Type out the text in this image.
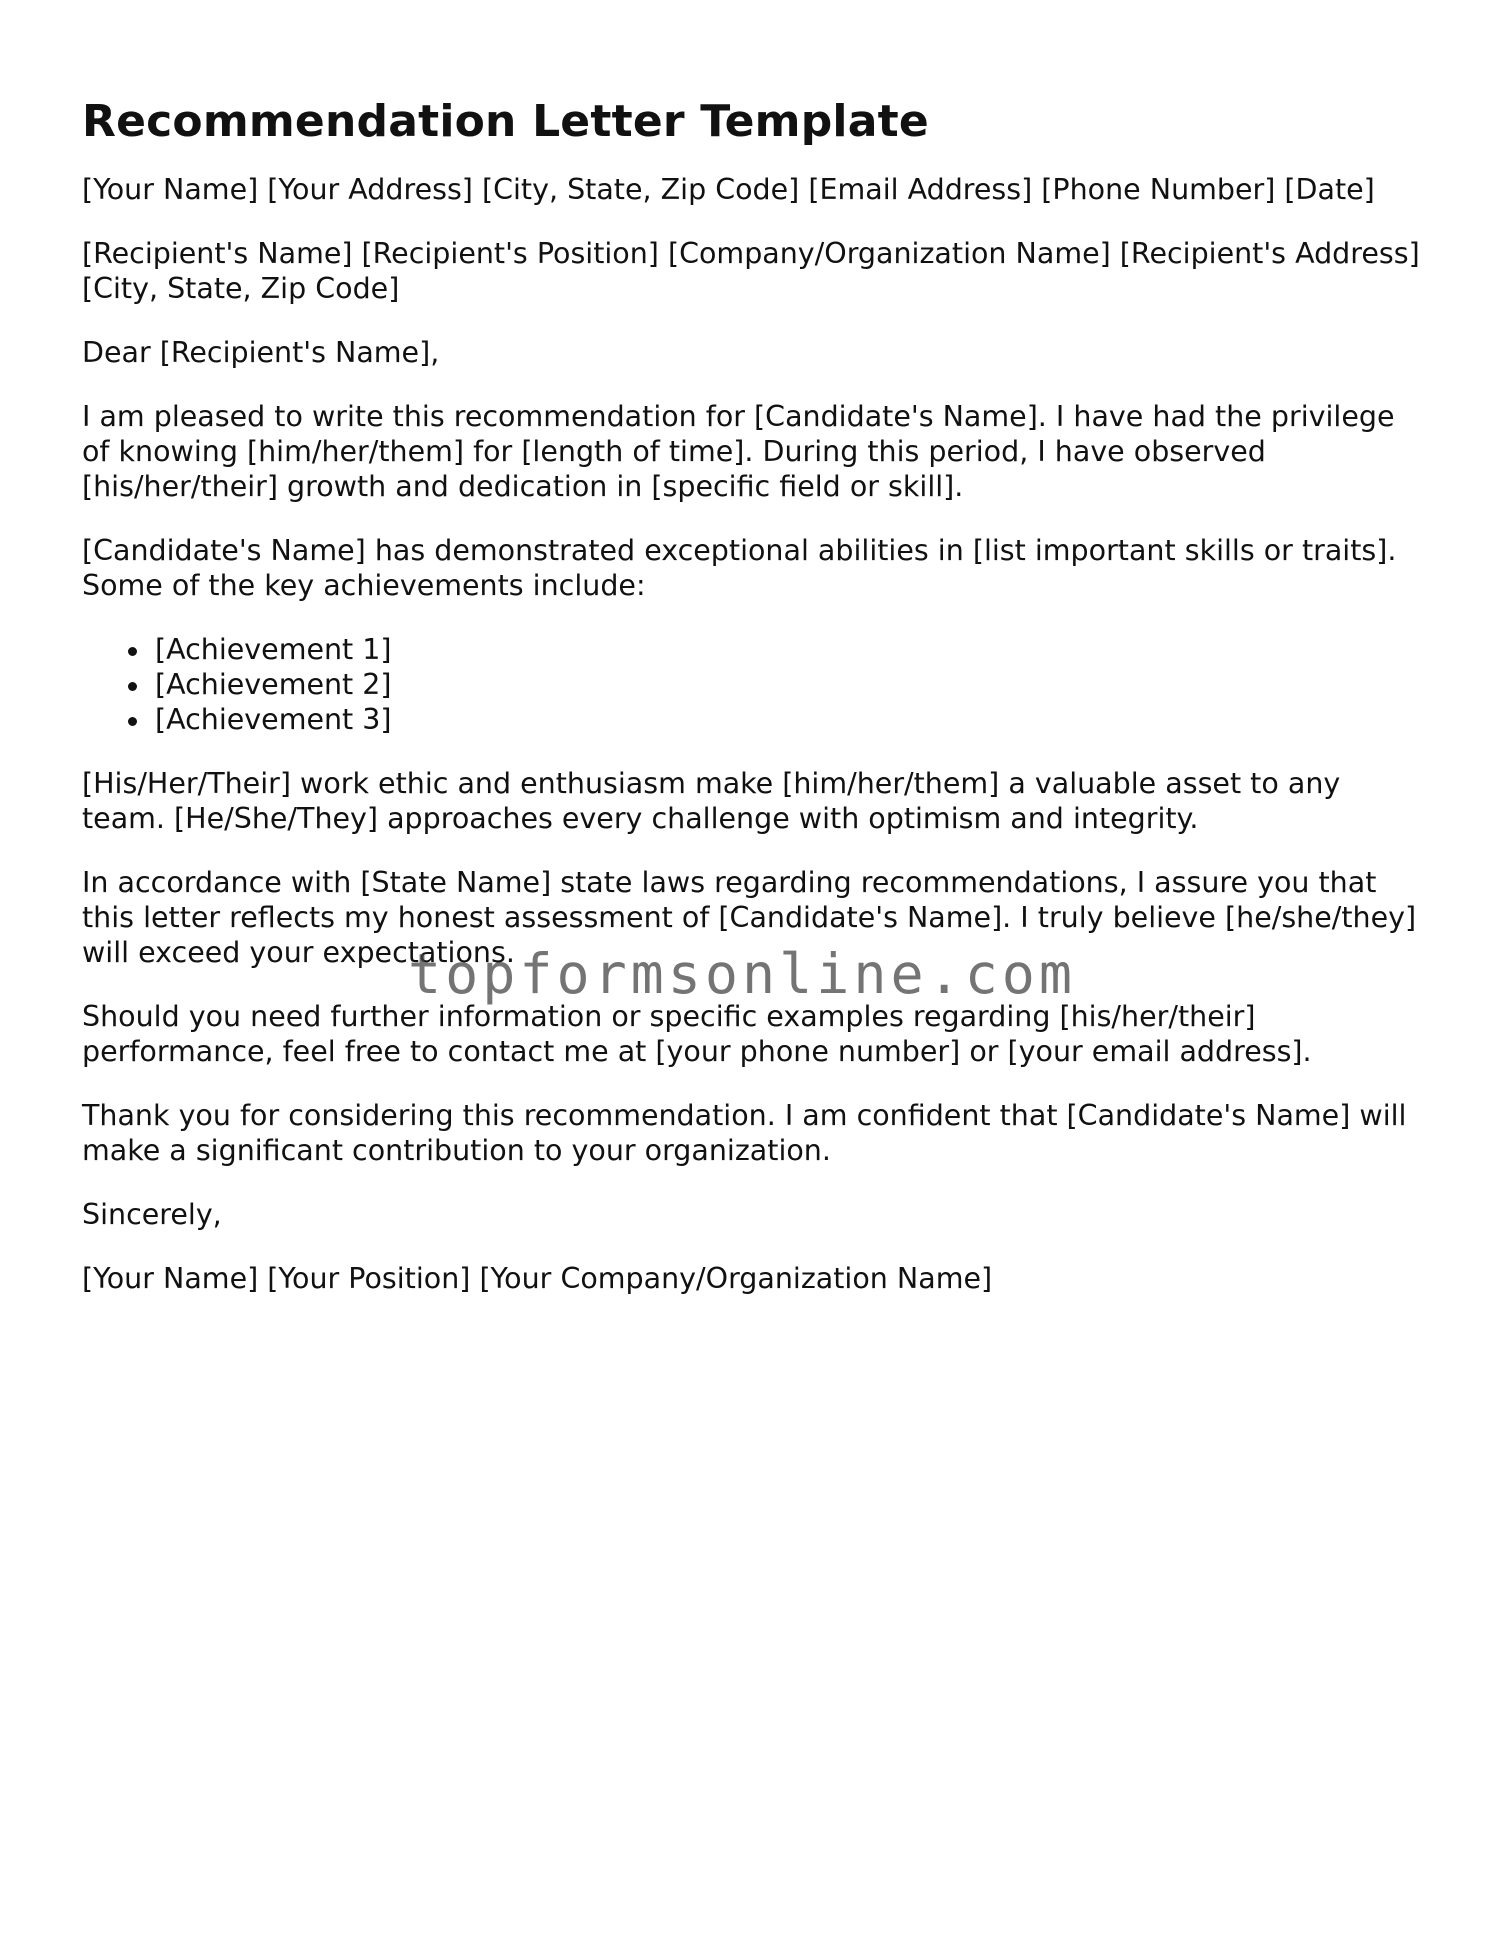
Recommendation Letter Template

[Your Name] [Your Address] [City, State, Zip Code] [Email Address] [Phone Number] [Date]

[Recipient's Name] [Recipient's Position] [Company/Organization Name] [Recipient's Address] [City, State, Zip Code]

Dear [Recipient's Name],

I am pleased to write this recommendation for [Candidate's Name]. I have had the privilege of knowing [him/her/them] for [length of time]. During this period, I have observed [his/her/their] growth and dedication in [specific field or skill].

[Candidate's Name] has demonstrated exceptional abilities in [list important skills or traits]. Some of the key achievements include:

[Achievement 1]
[Achievement 2]
[Achievement 3]

[His/Her/Their] work ethic and enthusiasm make [him/her/them] a valuable asset to any team. [He/She/They] approaches every challenge with optimism and integrity.

In accordance with [State Name] state laws regarding recommendations, I assure you that this letter reflects my honest assessment of [Candidate's Name]. I truly believe [he/she/they] will exceed your expectations.

Should you need further information or specific examples regarding [his/her/their] performance, feel free to contact me at [your phone number] or [your email address].

Thank you for considering this recommendation. I am confident that [Candidate's Name] will make a significant contribution to your organization.

Sincerely,

[Your Name] [Your Position] [Your Company/Organization Name]

topformsonline.com
